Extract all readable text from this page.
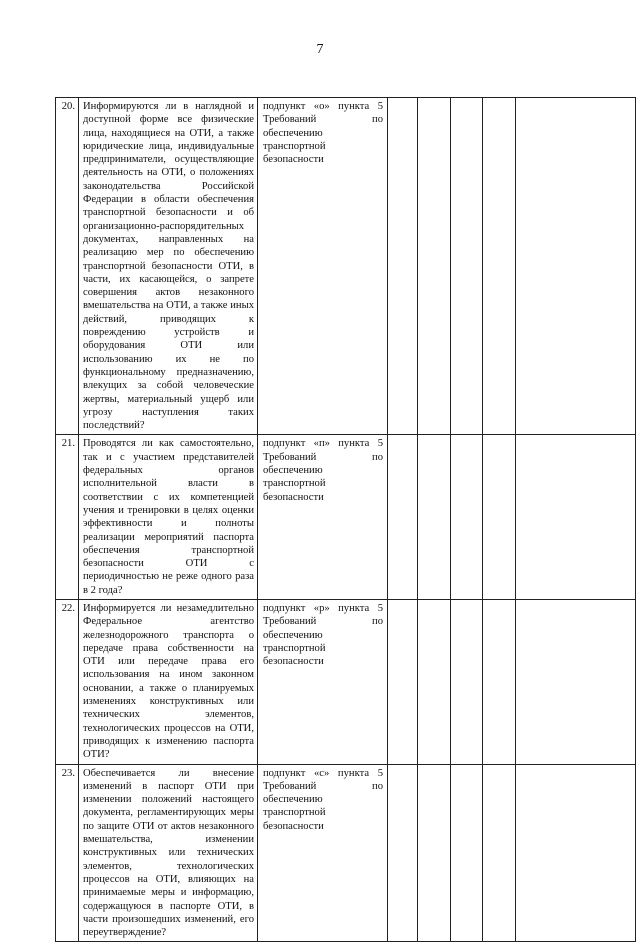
7
20.	Информируются ли в наглядной и доступной форме все физические лица, находящиеся на ОТИ, а также юридические лица, индивидуальные предприниматели, осуществляющие деятельность на ОТИ, о положениях законодательства Российской Федерации в области обеспечения транспортной безопасности и об организационно-распорядительных документах, направленных на реализацию мер по обеспечению транспортной безопасности ОТИ, в части, их касающейся, о запрете совершения актов незаконного вмешательства на ОТИ, а также иных действий, приводящих к повреждению устройств и оборудования ОТИ или использованию их не по функциональному предназначению, влекущих за собой человеческие жертвы, материальный ущерб или угрозу наступления таких последствий?	подпункт «о» пункта 5 Требований по обеспечению транспортной безопасности					
21.	Проводятся ли как самостоятельно, так и с участием представителей федеральных органов исполнительной власти в соответствии с их компетенцией учения и тренировки в целях оценки эффективности и полноты реализации мероприятий паспорта обеспечения транспортной безопасности ОТИ с периодичностью не реже одного раза в 2 года?	подпункт «п» пункта 5 Требований по обеспечению транспортной безопасности					
22.	Информируется ли незамедлительно Федеральное агентство железнодорожного транспорта о передаче права собственности на ОТИ или передаче права его использования на ином законном основании, а также о планируемых изменениях конструктивных или технических элементов, технологических процессов на ОТИ, приводящих к изменению паспорта ОТИ?	подпункт «р» пункта 5 Требований по обеспечению транспортной безопасности					
23.	Обеспечивается ли внесение изменений в паспорт ОТИ при изменении положений настоящего документа, регламентирующих меры по защите ОТИ от актов незаконного вмешательства, изменении конструктивных или технических элементов, технологических процессов на ОТИ, влияющих на принимаемые меры и информацию, содержащуюся в паспорте ОТИ, в части произошедших изменений, его переутверждение?	подпункт «с» пункта 5 Требований по обеспечению транспортной безопасности					
